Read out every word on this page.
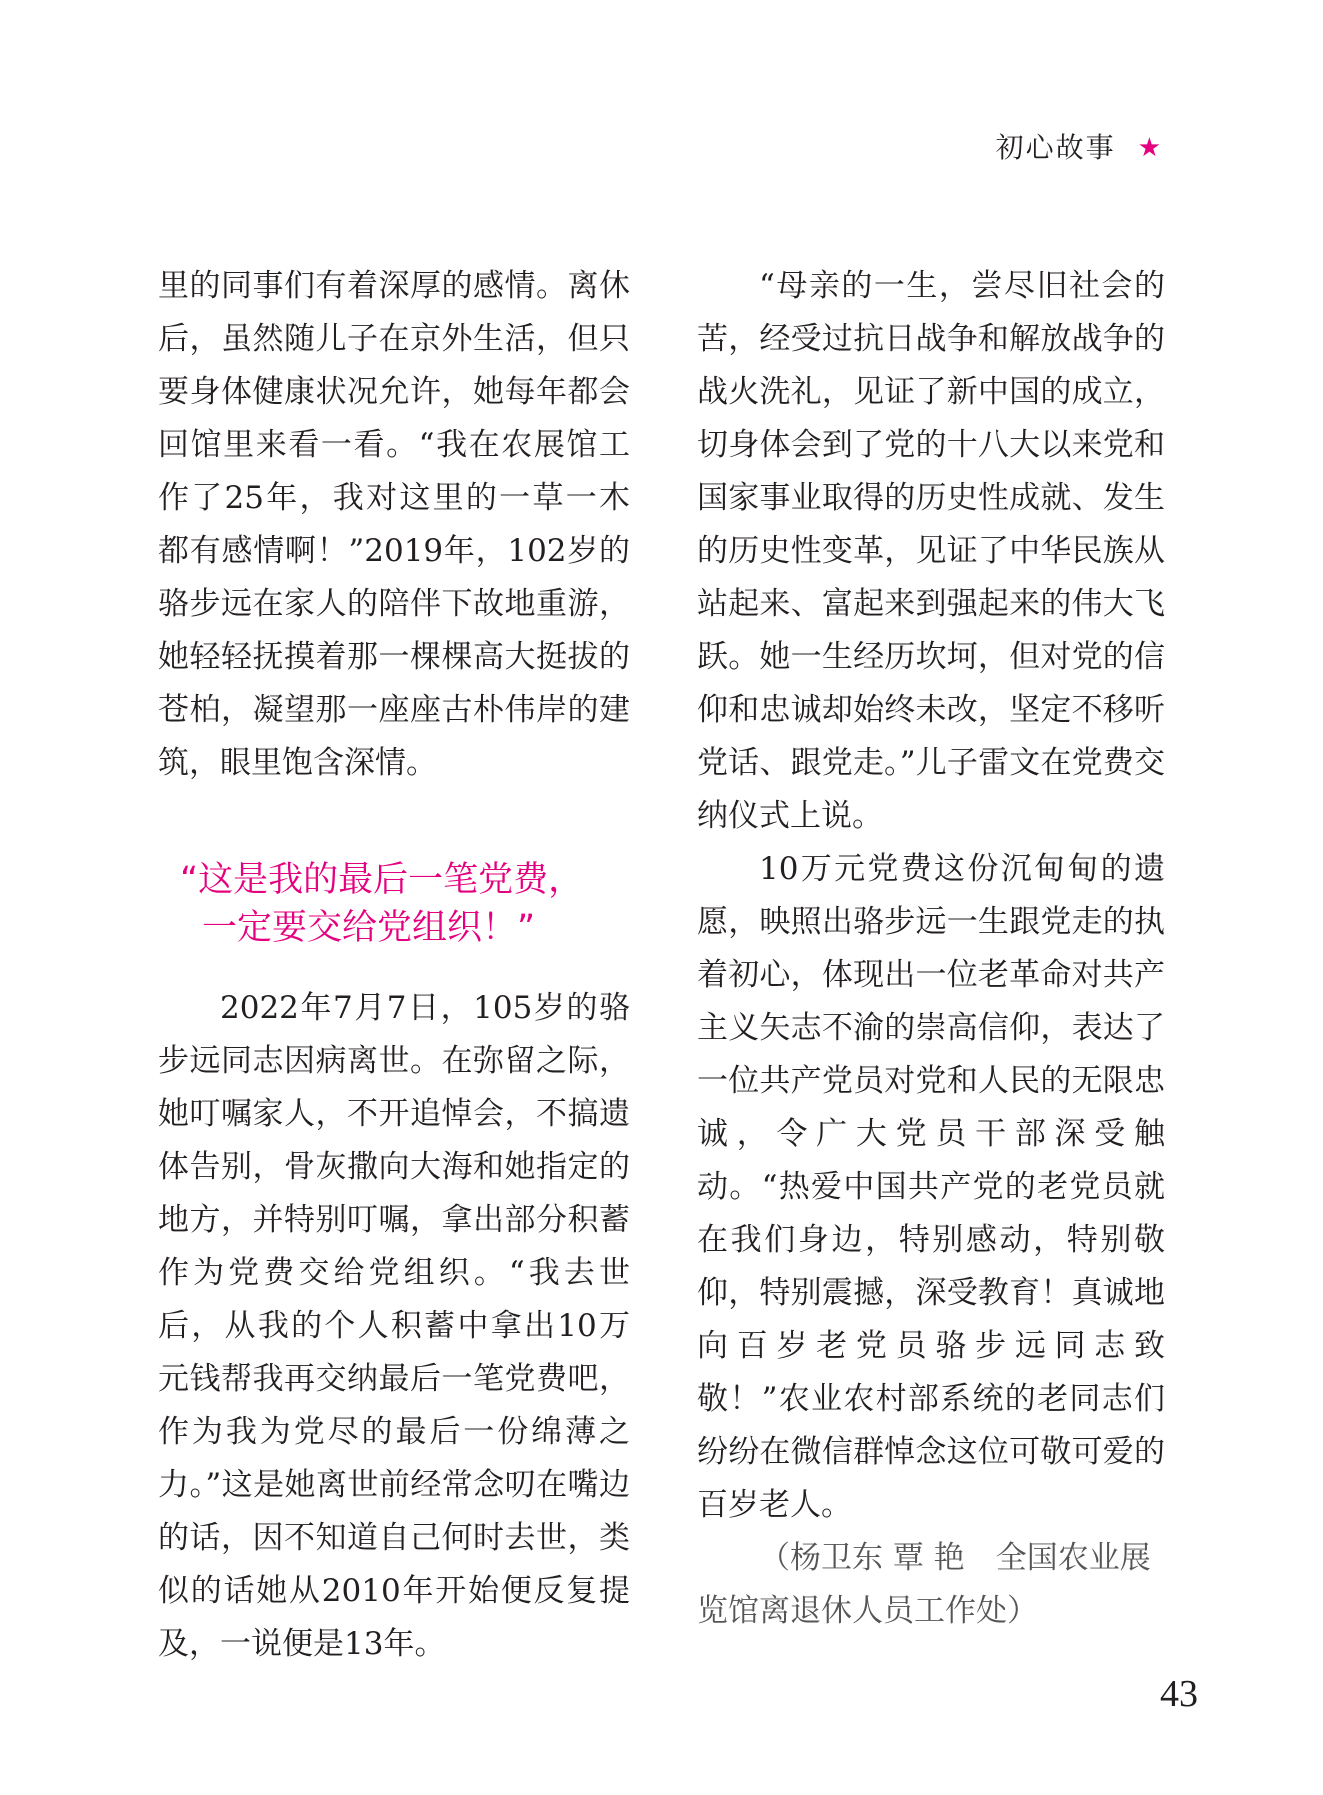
初心故事 ★

里的同事们有着深厚的感情。离休后，虽然随儿子在京外生活，但只要身体健康状况允许，她每年都会回馆里来看一看。“我在农展馆工作了25年，我对这里的一草一木都有感情啊！”2019年，102岁的骆步远在家人的陪伴下故地重游，她轻轻抚摸着那一棵棵高大挺拔的苍柏，凝望那一座座古朴伟岸的建筑，眼里饱含深情。

“这是我的最后一笔党费，
一定要交给党组织！”

2022年7月7日，105岁的骆步远同志因病离世。在弥留之际，她叮嘱家人，不开追悼会，不搞遗体告别，骨灰撒向大海和她指定的地方，并特别叮嘱，拿出部分积蓄作为党费交给党组织。“我去世后，从我的个人积蓄中拿出10万元钱帮我再交纳最后一笔党费吧，作为我为党尽的最后一份绵薄之力。”这是她离世前经常念叨在嘴边的话，因不知道自己何时去世，类似的话她从2010年开始便反复提及，一说便是13年。

“母亲的一生，尝尽旧社会的苦，经受过抗日战争和解放战争的战火洗礼，见证了新中国的成立，切身体会到了党的十八大以来党和国家事业取得的历史性成就、发生的历史性变革，见证了中华民族从站起来、富起来到强起来的伟大飞跃。她一生经历坎坷，但对党的信仰和忠诚却始终未改，坚定不移听党话、跟党走。”儿子雷文在党费交纳仪式上说。

10万元党费这份沉甸甸的遗愿，映照出骆步远一生跟党走的执着初心，体现出一位老革命对共产主义矢志不渝的崇高信仰，表达了一位共产党员对党和人民的无限忠诚，令广大党员干部深受触动。“热爱中国共产党的老党员就在我们身边，特别感动，特别敬仰，特别震撼，深受教育！真诚地向百岁老党员骆步远同志致敬！”农业农村部系统的老同志们纷纷在微信群悼念这位可敬可爱的百岁老人。

（杨卫东 覃 艳　全国农业展览馆离退休人员工作处）

43
